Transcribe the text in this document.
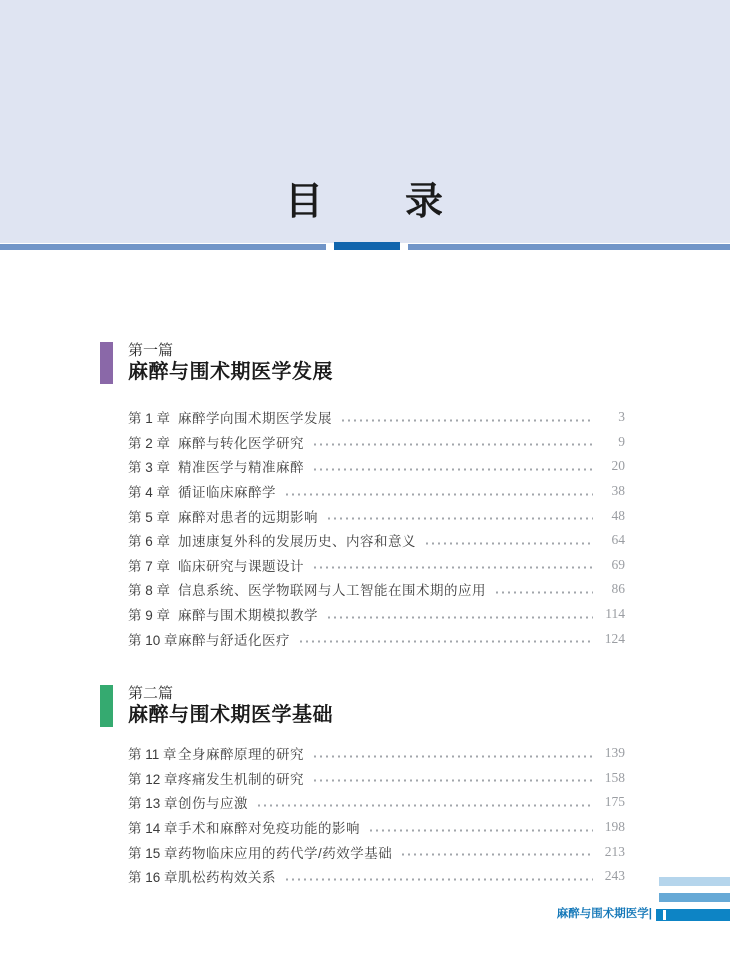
目　　录
第一篇
麻醉与围术期医学发展
第 1 章 麻醉学向围术期医学发展	3
第 2 章 麻醉与转化医学研究	9
第 3 章 精准医学与精准麻醉	20
第 4 章 循证临床麻醉学	38
第 5 章 麻醉对患者的远期影响	48
第 6 章 加速康复外科的发展历史、内容和意义	64
第 7 章 临床研究与课题设计	69
第 8 章 信息系统、医学物联网与人工智能在围术期的应用	86
第 9 章 麻醉与围术期模拟教学	114
第 10 章 麻醉与舒适化医疗	124
第二篇
麻醉与围术期医学基础
第 11 章 全身麻醉原理的研究	139
第 12 章 疼痛发生机制的研究	158
第 13 章 创伤与应激	175
第 14 章 手术和麻醉对免疫功能的影响	198
第 15 章 药物临床应用的药代学/药效学基础	213
第 16 章 肌松药构效关系	243
麻醉与围术期医学|
